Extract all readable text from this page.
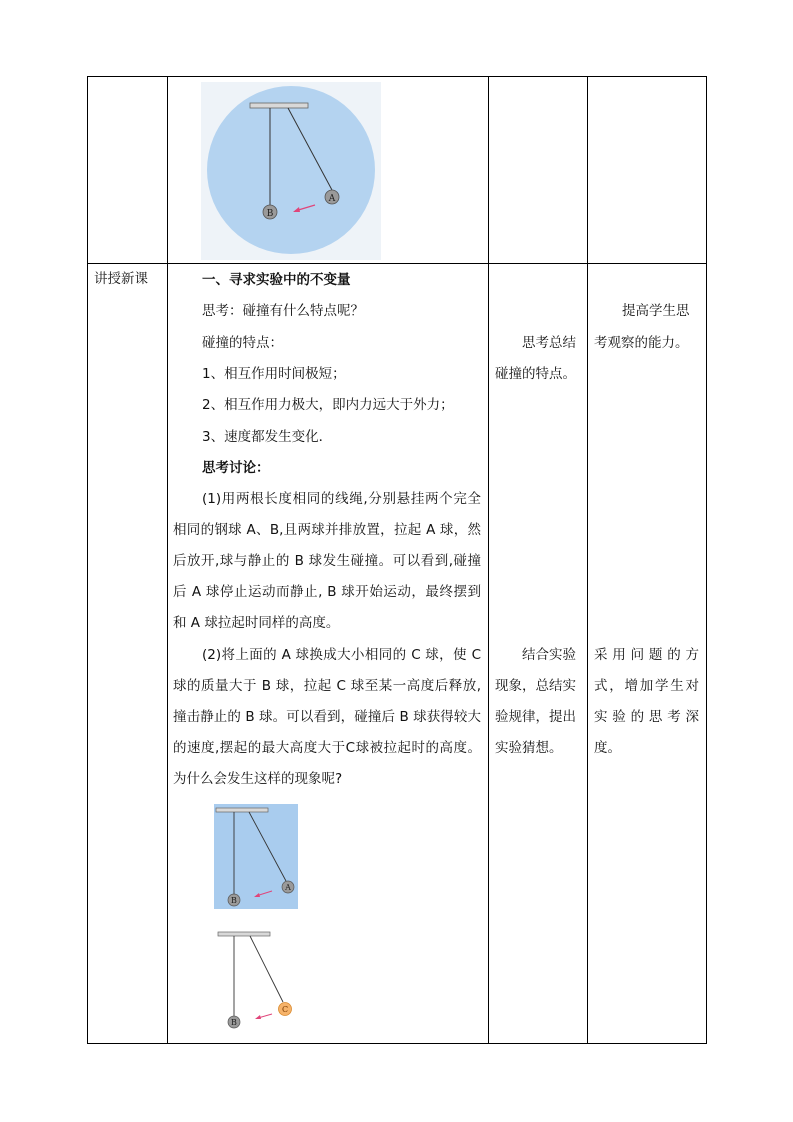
B
A
讲授新课	一、寻求实验中的不变量
思考：碰撞有什么特点呢？
碰撞的特点：
1、相互作用时间极短；
2、相互作用力极大，即内力远大于外力；
3、速度都发生变化．
思考讨论：
(1)用两根长度相同的线绳,分别悬挂两个完全
相同的钢球 A、B,且两球并排放置，拉起 A 球，然
后放开,球与静止的 B 球发生碰撞。可以看到,碰撞
后 A 球停止运动而静止, B 球开始运动，最终摆到
和 A 球拉起时同样的高度。
(2)将上面的 A 球换成大小相同的 C 球，使 C
球的质量大于 B 球，拉起 C 球至某一高度后释放,
撞击静止的 B 球。可以看到，碰撞后 B 球获得较大
的速度,摆起的最大高度大于C球被拉起时的高度。
为什么会发生这样的现象呢?
B
A
B
C
思考总结
碰撞的特点。
结合实验
现象，总结实
验规律，提出
实验猜想。
提高学生思
考观察的能力。
采用问题的方
式，增加学生对
实验的思考深
度。
